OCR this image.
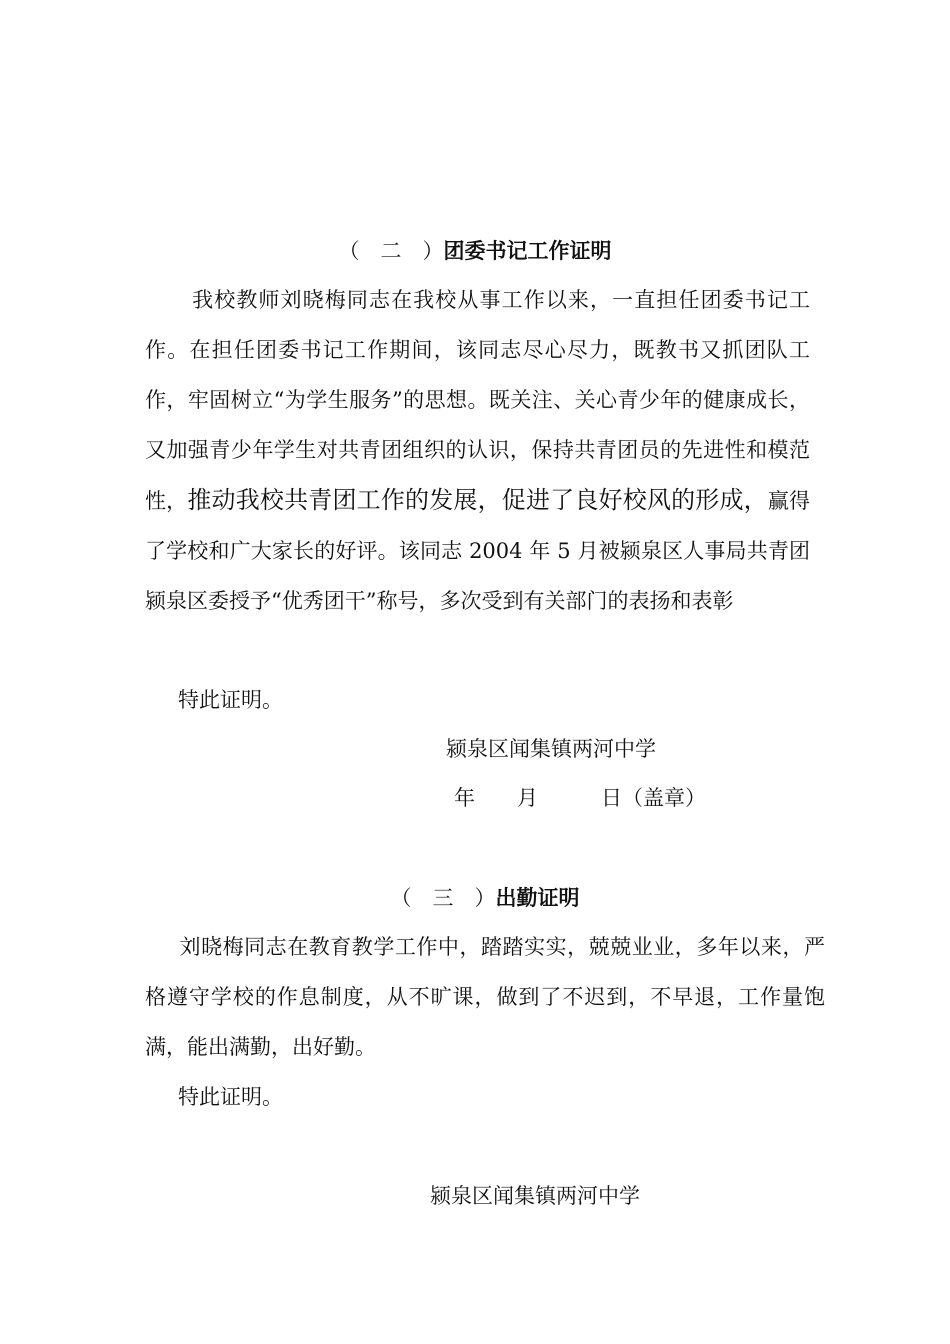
（　二　）团委书记工作证明
我校教师刘晓梅同志在我校从事工作以来，一直担任团委书记工作。在担任团委书记工作期间，该同志尽心尽力，既教书又抓团队工作，牢固树立“为学生服务”的思想。既关注、关心青少年的健康成长，又加强青少年学生对共青团组织的认识，保持共青团员的先进性和模范性，推动我校共青团工作的发展，促进了良好校风的形成，赢得了学校和广大家长的好评。该同志 2004 年 5 月被颍泉区人事局共青团颍泉区委授予“优秀团干”称号，多次受到有关部门的表扬和表彰
特此证明。
颍泉区闻集镇两河中学
年　　月　　　日（盖章）
（　三　）出勤证明
刘晓梅同志在教育教学工作中，踏踏实实，兢兢业业，多年以来，严格遵守学校的作息制度，从不旷课，做到了不迟到，不早退，工作量饱满，能出满勤，出好勤。
特此证明。
颍泉区闻集镇两河中学
